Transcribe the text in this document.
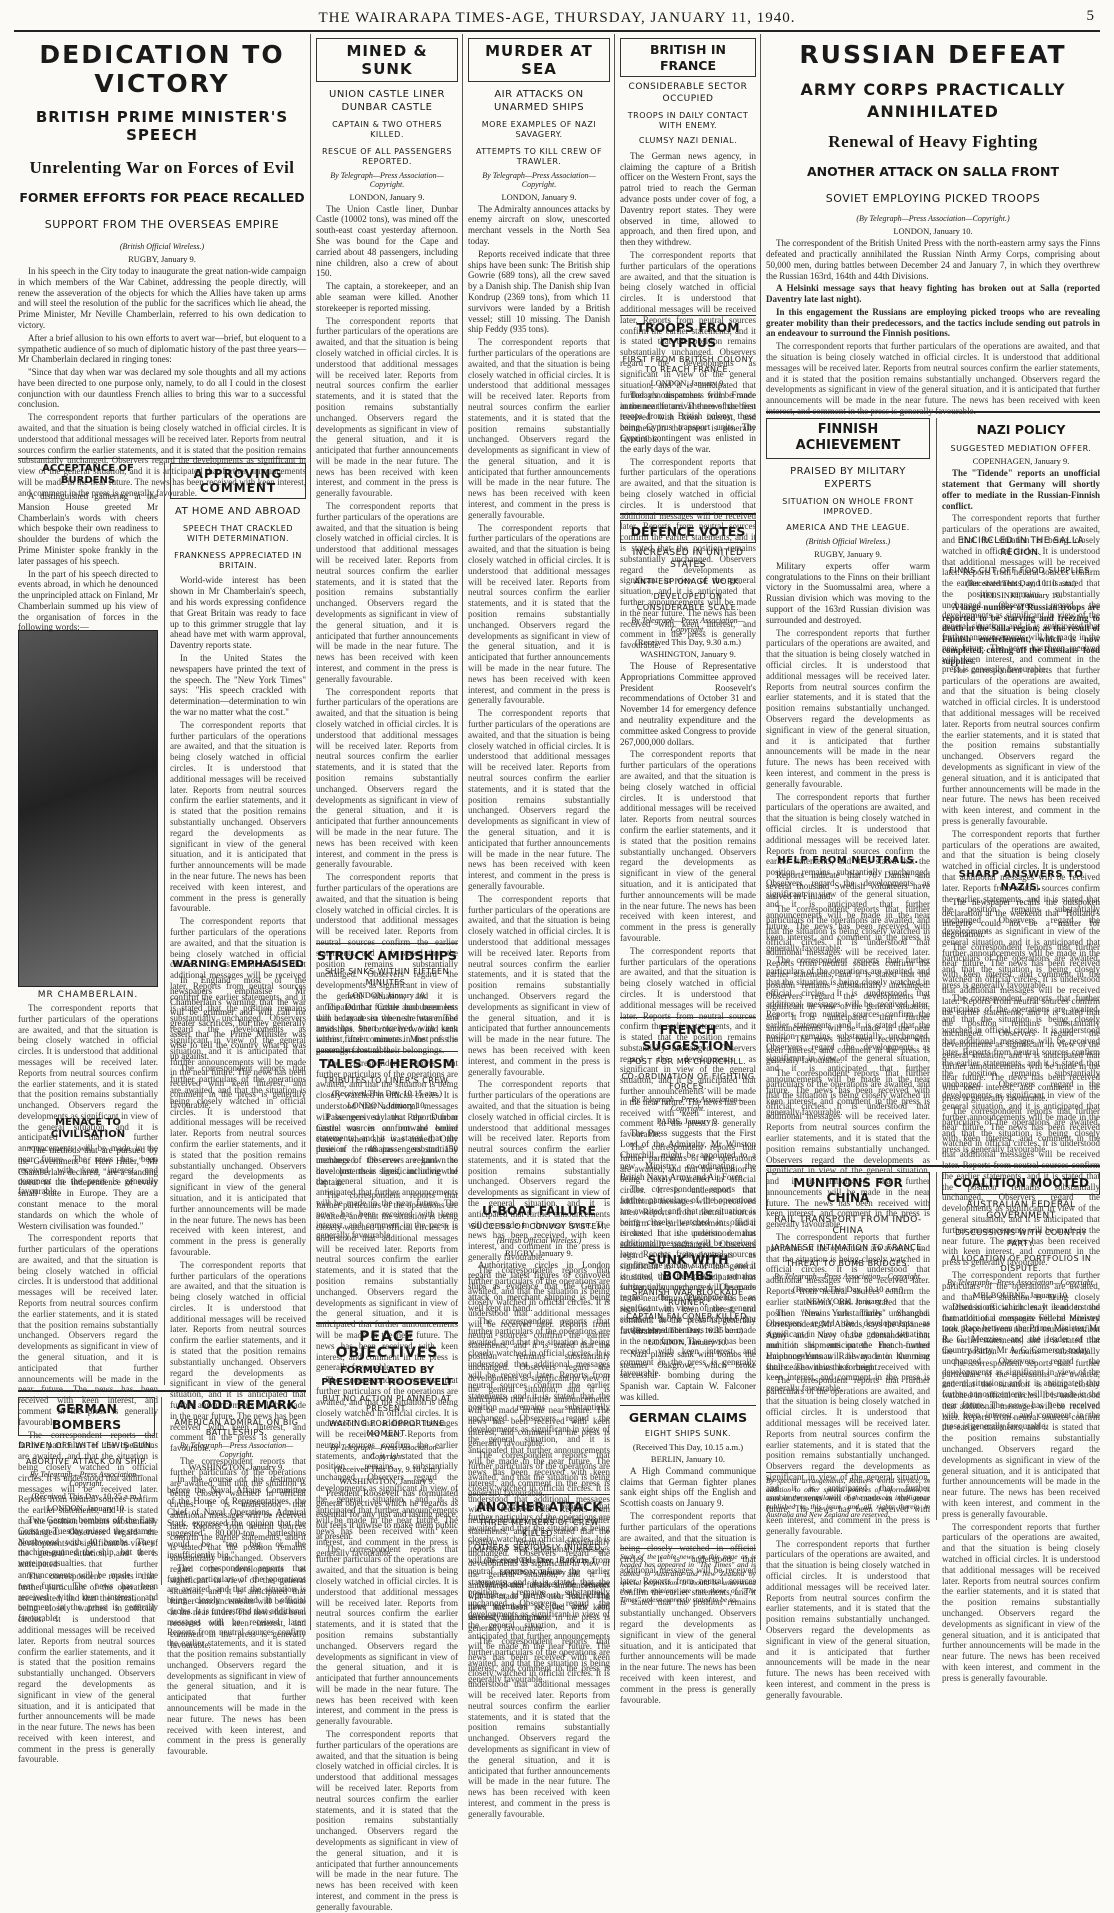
THE WAIRARAPA TIMES-AGE, THURSDAY, JANUARY 11, 1940.	5
DEDICATION TO VICTORY
BRITISH PRIME MINISTER'S SPEECH
Unrelenting War on Forces of Evil
FORMER EFFORTS FOR PEACE RECALLED
SUPPORT FROM THE OVERSEAS EMPIRE
(British Official Wireless.)
RUGBY, January 9.

In his speech in the City today to inaugurate the great nation-wide campaign in which members of the War Cabinet, addressing the people directly, will renew the asseveration of the objects for which the Allies have taken up arms and will steel the resolution of the public for the sacrifices which lie ahead, the Prime Minister, Mr Neville Chamberlain, referred to his own dedication to victory.

After a brief allusion to his own efforts to avert war—brief, but eloquent to a sympathetic audience of so much of diplomatic history of the past three years—Mr Chamberlain declared in ringing tones:

"Since that day when war was declared my sole thoughts and all my actions have been directed to one purpose only, namely, to do all I could in the closest conjunction with our dauntless French allies to bring this war to a successful conclusion.

The correspondent reports that further particulars of the operations are awaited, and that the situation is being closely watched in official circles. It is understood that additional messages will be received later. Reports from neutral sources confirm the earlier statements, and it is stated that the position remains substantially unchanged. Observers regard the developments as significant in view of the general situation, and it is anticipated that further announcements will be made in the near future. The news has been received with keen interest, and comment in the press is generally favourable.

ACCEPTANCE OF BURDENS

A distinguished gathering at the Mansion House greeted Mr Chamberlain's words with cheers which bespoke their own readiness to shoulder the burdens of which the Prime Minister spoke frankly in the later passages of his speech.

In the part of his speech directed to events abroad, in which he denounced the unprincipled attack on Finland, Mr Chamberlain summed up his view of the organisation of forces in the following words:—

MR CHAMBERLAIN.

The correspondent reports that further particulars of the operations are awaited, and that the situation is being closely watched in official circles. It is understood that additional messages will be received later. Reports from neutral sources confirm the earlier statements, and it is stated that the position remains substantially unchanged. Observers regard the developments as significant in view of the general situation, and it is anticipated that further announcements will be made in the near future. The news has been received with keen interest, and comment in the press is generally favourable.

MENACE TO CIVILISATION

"The methods that are pursued by the Government of Herr Hitler," Mr Chamberlain declared, "are a standing threat to the independence of every small State in Europe. They are a constant menace to the moral standards on which the whole of Western civilisation was founded."

The correspondent reports that further particulars of the operations are awaited, and that the situation is being closely watched in official circles. It is understood that additional messages will be received later. Reports from neutral sources confirm the earlier statements, and it is stated that the position remains substantially unchanged. Observers regard the developments as significant in view of the general situation, and it is anticipated that further announcements will be made in the near future. The news has been received with keen interest, and comment in the press is generally favourable.

The correspondent reports that further particulars of the operations are awaited, and that the situation is being closely watched in official circles. It is understood that additional messages will be received later. Reports from neutral sources confirm the earlier statements, and it is stated that the position remains substantially unchanged. Observers regard the developments as significant in view of the general situation, and it is anticipated that further announcements will be made in the near future. The news has been received with keen interest, and comment in the press is generally favourable.

APPROVING COMMENT
AT HOME AND ABROAD
SPEECH THAT CRACKLED WITH DETERMINATION.
FRANKNESS APPRECIATED IN BRITAIN.

World-wide interest has been shown in Mr Chamberlain's speech, and his words expressing confidence that Great Britain was ready to face up to this grimmer struggle that lay ahead have met with warm approval, Daventry reports state.

In the United States the newspapers have printed the text of the speech. The "New York Times" says: "His speech crackled with determination—determination to win the war no matter what the cost."

The correspondent reports that further particulars of the operations are awaited, and that the situation is being closely watched in official circles. It is understood that additional messages will be received later. Reports from neutral sources confirm the earlier statements, and it is stated that the position remains substantially unchanged. Observers regard the developments as significant in view of the general situation, and it is anticipated that further announcements will be made in the near future. The news has been received with keen interest, and comment in the press is generally favourable.

The correspondent reports that further particulars of the operations are awaited, and that the situation is being closely watched in official circles. It is understood that additional messages will be received later. Reports from neutral sources confirm the earlier statements, and it is stated that the position remains substantially unchanged. Observers regard the developments as significant in view of the general situation, and it is anticipated that further announcements will be made in the near future. The news has been received with keen interest, and comment in the press is generally favourable.

WARNING EMPHASISED

In England most of the newspapers emphasise Mr Chamberlain's warning that the war will be grimmer and will call for greater sacrifices, but they generally assert that the Prime Minister was wise to tell the country what it was up against.

The correspondent reports that further particulars of the operations are awaited, and that the situation is being closely watched in official circles. It is understood that additional messages will be received later. Reports from neutral sources confirm the earlier statements, and it is stated that the position remains substantially unchanged. Observers regard the developments as significant in view of the general situation, and it is anticipated that further announcements will be made in the near future. The news has been received with keen interest, and comment in the press is generally favourable.

The correspondent reports that further particulars of the operations are awaited, and that the situation is being closely watched in official circles. It is understood that additional messages will be received later. Reports from neutral sources confirm the earlier statements, and it is stated that the position remains substantially unchanged. Observers regard the developments as significant in view of the general situation, and it is anticipated that further announcements will be made in the near future. The news has been received with keen interest, and comment in the press is generally favourable.

The correspondent reports that further particulars of the operations are awaited, and that the situation is being closely watched in official circles. It is understood that additional messages will be received later. Reports from neutral sources confirm the earlier statements, and it is stated that the position remains substantially unchanged. Observers regard the developments as significant in view of the general situation, and it is anticipated that further announcements will be made in the near future. The news has been received with keen interest, and comment in the press is generally favourable.

GERMAN BOMBERS
DRIVEN OFF WITH LEWIS GUN.
ABORTIVE ATTACK ON SHIP.
By Telegraph—Press Association—Copyright.
(Received This Day, 10.35 a.m.)
LONDON, January 10.

Two German bombers off the East Coast on Tuesday missed the steamer Northwood with 40 bombs. They machine-gunned the ship, but there were no casualties.

The correspondent reports that further particulars of the operations are awaited, and that the situation is being closely watched in official circles. It is understood that additional messages will be received later. Reports from neutral sources confirm the earlier statements, and it is stated that the position remains substantially unchanged. Observers regard the developments as significant in view of the general situation, and it is anticipated that further announcements will be made in the near future. The news has been received with keen interest, and comment in the press is generally favourable.

AN ODD REMARK
AMERICAN ADMIRAL ON BIG BATTLESHIPS.
By Telegraph—Press Association—Copyright.
WASHINGTON, January 9.

In the course of his testimony before the Naval Affairs Committee of the House of Representatives, the Chief of Naval Operations, Admiral Stark, expressed the opinion that the suggested 80,000-ton battleships would be "too big, or the insufficiently big."

The correspondent reports that further particulars of the operations are awaited, and that the situation is being closely watched in official circles. It is understood that additional messages will be received later. Reports from neutral sources confirm the earlier statements, and it is stated that the position remains substantially unchanged. Observers regard the developments as significant in view of the general situation, and it is anticipated that further announcements will be made in the near future. The news has been received with keen interest, and comment in the press is generally favourable.

MINED & SUNK
UNION CASTLE LINER DUNBAR CASTLE
CAPTAIN & TWO OTHERS KILLED.
RESCUE OF ALL PASSENGERS REPORTED.
By Telegraph—Press Association—Copyright.
LONDON, January 9.

The Union Castle liner, Dunbar Castle (10002 tons), was mined off the south-east coast yesterday afternoon. She was bound for the Cape and carried about 48 passengers, including nine children, also a crew of about 150.

The captain, a storekeeper, and an able seaman were killed. Another storekeeper is reported missing.

The correspondent reports that further particulars of the operations are awaited, and that the situation is being closely watched in official circles. It is understood that additional messages will be received later. Reports from neutral sources confirm the earlier statements, and it is stated that the position remains substantially unchanged. Observers regard the developments as significant in view of the general situation, and it is anticipated that further announcements will be made in the near future. The news has been received with keen interest, and comment in the press is generally favourable.

The correspondent reports that further particulars of the operations are awaited, and that the situation is being closely watched in official circles. It is understood that additional messages will be received later. Reports from neutral sources confirm the earlier statements, and it is stated that the position remains substantially unchanged. Observers regard the developments as significant in view of the general situation, and it is anticipated that further announcements will be made in the near future. The news has been received with keen interest, and comment in the press is generally favourable.

The correspondent reports that further particulars of the operations are awaited, and that the situation is being closely watched in official circles. It is understood that additional messages will be received later. Reports from neutral sources confirm the earlier statements, and it is stated that the position remains substantially unchanged. Observers regard the developments as significant in view of the general situation, and it is anticipated that further announcements will be made in the near future. The news has been received with keen interest, and comment in the press is generally favourable.

The correspondent reports that further particulars of the operations are awaited, and that the situation is being closely watched in official circles. It is understood that additional messages will be received later. Reports from neutral sources confirm the earlier statements, and it is stated that the position remains substantially unchanged. Observers regard the developments as significant in view of the general situation, and it is anticipated that further announcements will be made in the near future. The news has been received with keen interest, and comment in the press is generally favourable.

The correspondent reports that further particulars of the operations are awaited, and that the situation is being closely watched in official circles. It is understood that additional messages will be received later. Reports from neutral sources confirm the earlier statements, and it is stated that the position remains substantially unchanged. Observers regard the developments as significant in view of the general situation, and it is anticipated that further announcements will be made in the near future. The news has been received with keen interest, and comment in the press is generally favourable.

STRUCK AMIDSHIPS
SHIP SINKS WITHIN FIFTEEN MINUTES.
LONDON, January 10.

The Dunbar Castle had been less than a day at sea when she was mined amidships. She broke in two and sank within fifteen minutes. Most of the passengers lost all their belongings.

TALES OF HEROISM
TRIBUTES TO LINER'S CREW.
(Received This Day, 10.15 a.m.)
LONDON, January 10.

Passengers say that the Dunbar Castle was in an outward bound convoy when she was mined. Only three of the 48 passengers and 150 members of the crew are known to have lost their lives, including the captain.

The correspondent reports that further particulars of the operations are awaited, and that the situation is being closely watched in official circles. It is understood that additional messages will be received later. Reports from neutral sources confirm the earlier statements, and it is stated that the position remains substantially unchanged. Observers regard the developments as significant in view of the general situation, and it is anticipated that further announcements will be made in the near future. The news has been received with keen interest, and comment in the press is generally favourable.

The correspondent reports that further particulars of the operations are awaited, and that the situation is being closely watched in official circles. It is understood that additional messages will be received later. Reports from neutral sources confirm the earlier statements, and it is stated that the position remains substantially unchanged. Observers regard the developments as significant in view of the general situation, and it is anticipated that further announcements will be made in the near future. The news has been received with keen interest, and comment in the press is generally favourable.

PEACE OBJECTIVES
FORMULATED BY PRESIDENT ROOSEVELT
BUT NO ACTION PLANNED AT PRESENT.
WAITING FOR OPPORTUNE MOMENT.
By Telegraph—Press Association—Copyright.
(Received This Day, 9.10 a.m.)
WASHINGTON, January 9.

President Roosevelt has formulated general objectives which he regards as essential for any just and lasting peace, but feels it unwise to make them public at present.

The correspondent reports that further particulars of the operations are awaited, and that the situation is being closely watched in official circles. It is understood that additional messages will be received later. Reports from neutral sources confirm the earlier statements, and it is stated that the position remains substantially unchanged. Observers regard the developments as significant in view of the general situation, and it is anticipated that further announcements will be made in the near future. The news has been received with keen interest, and comment in the press is generally favourable.

The correspondent reports that further particulars of the operations are awaited, and that the situation is being closely watched in official circles. It is understood that additional messages will be received later. Reports from neutral sources confirm the earlier statements, and it is stated that the position remains substantially unchanged. Observers regard the developments as significant in view of the general situation, and it is anticipated that further announcements will be made in the near future. The news has been received with keen interest, and comment in the press is generally favourable.

MURDER AT SEA
AIR ATTACKS ON UNARMED SHIPS
MORE EXAMPLES OF NAZI SAVAGERY.
ATTEMPTS TO KILL CREW OF TRAWLER.
By Telegraph—Press Association—Copyright.
LONDON, January 9.

The Admiralty announces attacks by enemy aircraft on slow, unescorted merchant vessels in the North Sea today.

Reports received indicate that three ships have been sunk: The British ship Gowrie (689 tons), all the crew saved by a Danish ship. The Danish ship Ivan Kondrup (2369 tons), from which 11 survivors were landed by a British vessel; still 10 missing. The Danish ship Feddy (935 tons).

The correspondent reports that further particulars of the operations are awaited, and that the situation is being closely watched in official circles. It is understood that additional messages will be received later. Reports from neutral sources confirm the earlier statements, and it is stated that the position remains substantially unchanged. Observers regard the developments as significant in view of the general situation, and it is anticipated that further announcements will be made in the near future. The news has been received with keen interest, and comment in the press is generally favourable.

The correspondent reports that further particulars of the operations are awaited, and that the situation is being closely watched in official circles. It is understood that additional messages will be received later. Reports from neutral sources confirm the earlier statements, and it is stated that the position remains substantially unchanged. Observers regard the developments as significant in view of the general situation, and it is anticipated that further announcements will be made in the near future. The news has been received with keen interest, and comment in the press is generally favourable.

The correspondent reports that further particulars of the operations are awaited, and that the situation is being closely watched in official circles. It is understood that additional messages will be received later. Reports from neutral sources confirm the earlier statements, and it is stated that the position remains substantially unchanged. Observers regard the developments as significant in view of the general situation, and it is anticipated that further announcements will be made in the near future. The news has been received with keen interest, and comment in the press is generally favourable.

The correspondent reports that further particulars of the operations are awaited, and that the situation is being closely watched in official circles. It is understood that additional messages will be received later. Reports from neutral sources confirm the earlier statements, and it is stated that the position remains substantially unchanged. Observers regard the developments as significant in view of the general situation, and it is anticipated that further announcements will be made in the near future. The news has been received with keen interest, and comment in the press is generally favourable.

The correspondent reports that further particulars of the operations are awaited, and that the situation is being closely watched in official circles. It is understood that additional messages will be received later. Reports from neutral sources confirm the earlier statements, and it is stated that the position remains substantially unchanged. Observers regard the developments as significant in view of the general situation, and it is anticipated that further announcements will be made in the near future. The news has been received with keen interest, and comment in the press is generally favourable.

The correspondent reports that further particulars of the operations are awaited, and that the situation is being closely watched in official circles. It is understood that additional messages will be received later. Reports from neutral sources confirm the earlier statements, and it is stated that the position remains substantially unchanged. Observers regard the developments as significant in view of the general situation, and it is anticipated that further announcements will be made in the near future. The news has been received with keen interest, and comment in the press is generally favourable.

The correspondent reports that further particulars of the operations are awaited, and that the situation is being closely watched in official circles. It is understood that additional messages will be received later. Reports from neutral sources confirm the earlier statements, and it is stated that the position remains substantially unchanged. Observers regard the developments as significant in view of the general situation, and it is anticipated that further announcements will be made in the near future. The news has been received with keen interest, and comment in the press is generally favourable.

The correspondent reports that further particulars of the operations are awaited, and that the situation is being closely watched in official circles. It is understood that additional messages will be received later. Reports from neutral sources confirm the earlier statements, and it is stated that the position remains substantially unchanged. Observers regard the developments as significant in view of the general situation, and it is anticipated that further announcements will be made in the near future. The news has been received with keen interest, and comment in the press is generally favourable.

U-BOAT FAILURE
SUCCESS OF CONVOY SYSTEM.
(British Official Wireless.)
RUGBY, January 9.

Authoritative circles in London regard the latest figures of convoyed ships as evidence that the German attack on merchant shipping is being well kept in hand.

The correspondent reports that further particulars of the operations are awaited, and that the situation is being closely watched in official circles. It is understood that additional messages will be received later. Reports from neutral sources confirm the earlier statements, and it is stated that the position remains substantially unchanged. Observers regard the developments as significant in view of the general situation, and it is anticipated that further announcements will be made in the near future. The news has been received with keen interest, and comment in the press is generally favourable.

The correspondent reports that further particulars of the operations are awaited, and that the situation is being closely watched in official circles. It is understood that additional messages will be received later. Reports from neutral sources confirm the earlier statements, and it is stated that the position remains substantially unchanged. Observers regard the developments as significant in view of the general situation, and it is anticipated that further announcements will be made in the near future. The news has been received with keen interest, and comment in the press is generally favourable.

ANOTHER ATTACK
THREE MEMBERS OF CREW KILLED.
OTHERS SERIOUSLY INJURED.
(Received This Day, 10.10 a.m.)
LONDON, January 10.

Nazi planes attacked the steamer Upminster in the North Sea, killing three members of the crew and seriously injuring two.

BRITISH IN FRANCE
CONSIDERABLE SECTOR OCCUPIED
TROOPS IN DAILY CONTACT WITH ENEMY.
CLUMSY NAZI DENIAL.

The German news agency, in claiming the capture of a British officer on the Western Front, says the patrol tried to reach the German advance posts under cover of fog, a Daventry report states. They were observed in time, allowed to approach, and then fired upon, and then they withdrew.

The correspondent reports that further particulars of the operations are awaited, and that the situation is being closely watched in official circles. It is understood that additional messages will be received later. Reports from neutral sources confirm the earlier statements, and it is stated that the position remains substantially unchanged. Observers regard the developments as significant in view of the general situation, and it is anticipated that further announcements will be made in the near future. The news has been received with keen interest, and comment in the press is generally favourable.

TROOPS FROM CYPRUS
FIRST FROM BRITISH COLONY TO REACH FRANCE.
LONDON, January 9.

Today's dispatches from France announce the arrival there of the first troops from a British colony, these being Cyprus transport units. The Cypriot contingent was enlisted in the early days of the war.

The correspondent reports that further particulars of the operations are awaited, and that the situation is being closely watched in official circles. It is understood that additional messages will be received later. Reports from neutral sources confirm the earlier statements, and it is stated that the position remains substantially unchanged. Observers regard the developments as significant in view of the general situation, and it is anticipated that further announcements will be made in the near future. The news has been received with keen interest, and comment in the press is generally favourable.

DEFENCE VOTES
INCREASED IN UNITED STATES
ANTI-ESPIONAGE WORK.
DEVELOPED ON CONSIDERABLE SCALE.
By Telegraph—Press Association—Copyright.
(Received This Day, 9.30 a.m.)
WASHINGTON, January 9.

The House of Representative Appropriations Committee approved President Roosevelt's recommendations of October 31 and November 14 for emergency defence and neutrality expenditure and the committee asked Congress to provide 267,000,000 dollars.

The correspondent reports that further particulars of the operations are awaited, and that the situation is being closely watched in official circles. It is understood that additional messages will be received later. Reports from neutral sources confirm the earlier statements, and it is stated that the position remains substantially unchanged. Observers regard the developments as significant in view of the general situation, and it is anticipated that further announcements will be made in the near future. The news has been received with keen interest, and comment in the press is generally favourable.

The correspondent reports that further particulars of the operations are awaited, and that the situation is being closely watched in official circles. It is understood that additional messages will be received later. Reports from neutral sources confirm the earlier statements, and it is stated that the position remains substantially unchanged. Observers regard the developments as significant in view of the general situation, and it is anticipated that further announcements will be made in the near future. The news has been received with keen interest, and comment in the press is generally favourable.

The correspondent reports that further particulars of the operations are awaited, and that the situation is being closely watched in official circles. It is understood that additional messages will be received later. Reports from neutral sources confirm the earlier statements, and it is stated that the position remains substantially unchanged. Observers regard the developments as significant in view of the general situation, and it is anticipated that further announcements will be made in the near future. The news has been received with keen interest, and comment in the press is generally favourable.

FRENCH SUGGESTION
POST FOR MR CHURCHILL.
CO-ORDINATION OF FIGHTING FORCES.
By Telegraph—Press Association—Copyright.
PARIS, January 9.

The Press suggests that the First Lord of the Admiralty, Mr Winston Churchill, might be appointed to a new Ministry co-ordinating the British Navy, Army and Air Force.

The correspondent reports that further particulars of the operations are awaited, and that the situation is being closely watched in official circles. It is understood that additional messages will be received later. Reports from neutral sources confirm the earlier statements, and it is stated that the position remains substantially unchanged. Observers regard the developments as significant in view of the general situation, and it is anticipated that further announcements will be made in the near future. The news has been received with keen interest, and comment in the press is generally favourable.

SUNK WITH BOMBS
SPANISH WAR BLOCKADE RUNNER.
CAPTAIN FALCONER KILLED.
(Received This Day, 10.35 a.m.)
LONDON, January 10.

Nazi planes sank with bombs the steamer Oakgrove, which broke successful bombing during the Spanish war. Captain W. Falconer was killed.

GERMAN CLAIMS
EIGHT SHIPS SUNK.
(Received This Day, 10.15 a.m.)
BERLIN, January 10.

A High Command communique claims that German fighter planes sank eight ships off the English and Scottish coasts on January 9.

The correspondent reports that further particulars of the operations are awaited, and that the situation is being closely watched in official circles. It is understood that additional messages will be received later. Reports from neutral sources confirm the earlier statements, and it is stated that the position remains substantially unchanged. Observers regard the developments as significant in view of the general situation, and it is anticipated that further announcements will be made in the near future. The news has been received with keen interest, and comment in the press is generally favourable.

Such of the cable news on this page as is headed has appeared in "The Times" and is cabled to Australia and New Zealand by special permission. It should be understood that the opinions are not those of "The Times" unless expressly stated to be so.
RUSSIAN DEFEAT
ARMY CORPS PRACTICALLY ANNIHILATED
Renewal of Heavy Fighting
ANOTHER ATTACK ON SALLA FRONT
SOVIET EMPLOYING PICKED TROOPS
(By Telegraph—Press Association—Copyright.)
LONDON, January 10.

The correspondent of the British United Press with the north-eastern army says the Finns defeated and practically annihilated the Russian Ninth Army Corps, comprising about 50,000 men, during battles between December 24 and January 7, in which they overthrew the Russian 163rd, 164th and 44th Divisions.

A Helsinki message says that heavy fighting has broken out at Salla (reported Daventry late last night).

In this engagement the Russians are employing picked troops who are revealing greater mobility than their predecessors, and the tactics include sending out patrols in an endeavour to surround the Finnish positions.

The correspondent reports that further particulars of the operations are awaited, and that the situation is being closely watched in official circles. It is understood that additional messages will be received later. Reports from neutral sources confirm the earlier statements, and it is stated that the position remains substantially unchanged. Observers regard the developments as significant in view of the general situation, and it is anticipated that further announcements will be made in the near future. The news has been received with keen interest, and comment in the press is generally favourable.

FINNISH ACHIEVEMENT
PRAISED BY MILITARY EXPERTS
SITUATION ON WHOLE FRONT IMPROVED.
AMERICA AND THE LEAGUE.
(British Official Wireless.)
RUGBY, January 9.

Military experts offer warm congratulations to the Finns on their brilliant victory in the Suomussalmi area, where a Russian division which was moving to the support of the 163rd Russian division was surrounded and destroyed.

The correspondent reports that further particulars of the operations are awaited, and that the situation is being closely watched in official circles. It is understood that additional messages will be received later. Reports from neutral sources confirm the earlier statements, and it is stated that the position remains substantially unchanged. Observers regard the developments as significant in view of the general situation, and it is anticipated that further announcements will be made in the near future. The news has been received with keen interest, and comment in the press is generally favourable.

The correspondent reports that further particulars of the operations are awaited, and that the situation is being closely watched in official circles. It is understood that additional messages will be received later. Reports from neutral sources confirm the earlier statements, and it is stated that the position remains substantially unchanged. Observers regard the developments as significant in view of the general situation, and it is anticipated that further announcements will be made in the near future. The news has been received with keen interest, and comment in the press is generally favourable.

The correspondent reports that further particulars of the operations are awaited, and that the situation is being closely watched in official circles. It is understood that additional messages will be received later. Reports from neutral sources confirm the earlier statements, and it is stated that the position remains substantially unchanged. Observers regard the developments as significant in view of the general situation, and it is anticipated that further announcements will be made in the near future. The news has been received with keen interest, and comment in the press is generally favourable.

HELP FROM NEUTRALS.

Reports indicate that 70 Danish and several thousand Swedish volunteers have arrived in Finland.

The correspondent reports that further particulars of the operations are awaited, and that the situation is being closely watched in official circles. It is understood that additional messages will be received later. Reports from neutral sources confirm the earlier statements, and it is stated that the position remains substantially unchanged. Observers regard the developments as significant in view of the general situation, and it is anticipated that further announcements will be made in the near future. The news has been received with keen interest, and comment in the press is generally favourable.

The correspondent reports that further particulars of the operations are awaited, and that the situation is being closely watched in official circles. It is understood that additional messages will be received later. Reports from neutral sources confirm the earlier statements, and it is stated that the position remains substantially unchanged. Observers regard the developments as significant in view of the general situation, and it is anticipated that further announcements will be made in the near future. The news has been received with keen interest, and comment in the press is generally favourable.

The correspondent reports that further particulars of the operations are awaited, and that the situation is being closely watched in official circles. It is understood that additional messages will be received later. Reports from neutral sources confirm the earlier statements, and it is stated that the position remains substantially unchanged. Observers regard the developments as significant in view of the general situation, and it is anticipated that further announcements will be made in the near future. The news has been received with keen interest, and comment in the press is generally favourable.

NAZI POLICY
SUGGESTED MEDIATION OFFER.
COPENHAGEN, January 9.

The "Tidende" reports an unofficial statement that Germany will shortly offer to mediate in the Russian-Finnish conflict.

The correspondent reports that further particulars of the operations are awaited, and that the situation is being closely watched in official circles. It is understood that additional messages will be received later. Reports from neutral sources confirm the earlier statements, and it is stated that the position remains substantially unchanged. Observers regard the developments as significant in view of the general situation, and it is anticipated that further announcements will be made in the near future. The news has been received with keen interest, and comment in the press is generally favourable.

ENCIRCLED IN THE SALLA REGION.
FINNS CUT OFF FOOD SUPPLIES.
(Received This Day, 10.10 a.m.)
HELSINKI, January 10.

A large number of Russian troops are reported to be starving and freezing to death in the Salla region, as the result of Finnish encirclement, which is now completed, cutting off the Russians' food supplies.

The correspondent reports that further particulars of the operations are awaited, and that the situation is being closely watched in official circles. It is understood that additional messages will be received later. Reports from neutral sources confirm the earlier statements, and it is stated that the position remains substantially unchanged. Observers regard the developments as significant in view of the general situation, and it is anticipated that further announcements will be made in the near future. The news has been received with keen interest, and comment in the press is generally favourable.

The correspondent reports that further particulars of the operations are awaited, and that the situation is being closely watched in official circles. It is understood that additional messages will be received later. Reports from neutral sources confirm the earlier statements, and it is stated that the position remains substantially unchanged. Observers regard the developments as significant in view of the general situation, and it is anticipated that further announcements will be made in the near future. The news has been received with keen interest, and comment in the press is generally favourable.

The correspondent reports that further particulars of the operations are awaited, and that the situation is being closely watched in official circles. It is understood that additional messages will be received later. Reports from neutral sources confirm the earlier statements, and it is stated that the position remains substantially unchanged. Observers regard the developments as significant in view of the general situation, and it is anticipated that further announcements will be made in the near future. The news has been received with keen interest, and comment in the press is generally favourable.

SHARP ANSWERS TO NAZIS.

The newspaper recalls the outspoken declaration at the weekend that "Holland's integrity could not be a matter for negotiation."

The correspondent reports that further particulars of the operations are awaited, and that the situation is being closely watched in official circles. It is understood that additional messages will be received later. Reports from neutral sources confirm the earlier statements, and it is stated that the position remains substantially unchanged. Observers regard the developments as significant in view of the general situation, and it is anticipated that further announcements will be made in the near future. The news has been received with keen interest, and comment in the press is generally favourable.

The correspondent reports that further particulars of the operations are awaited, and that the situation is being closely watched in official circles. It is understood that additional messages will be received later. Reports from neutral sources confirm the earlier statements, and it is stated that the position remains substantially unchanged. Observers regard the developments as significant in view of the general situation, and it is anticipated that further announcements will be made in the near future. The news has been received with keen interest, and comment in the press is generally favourable.

The correspondent reports that further particulars of the operations are awaited, and that the situation is being closely watched in official circles. It is understood that additional messages will be received later. Reports from neutral sources confirm the earlier statements, and it is stated that the position remains substantially unchanged. Observers regard the developments as significant in view of the general situation, and it is anticipated that further announcements will be made in the near future. The news has been received with keen interest, and comment in the press is generally favourable.

MUNITIONS FOR CHINA
RAIL TRANSPORT FROM INDO-CHINA
JAPANESE INTIMATION TO FRANCE.
THREAT TO BOMB BRIDGES.
By Telegraph—Press Association—Copyright.
(Received This Day, 10.10 a.m.)
NEW YORK, January 9.

The "New York Times" Shanghai correspondent, Mr Abends, says the Japanese Army and Navy have demanded that munition shipments on the French-owned Haiphong-Yunnan Railway into Kunming shall cease within the fortnight.

The correspondent reports that further particulars of the operations are awaited, and that the situation is being closely watched in official circles. It is understood that additional messages will be received later. Reports from neutral sources confirm the earlier statements, and it is stated that the position remains substantially unchanged. Observers regard the developments as significant in view of the general situation, and it is anticipated that further announcements will be made in the near future. The news has been received with keen interest, and comment in the press is generally favourable.

The correspondent reports that further particulars of the operations are awaited, and that the situation is being closely watched in official circles. It is understood that additional messages will be received later. Reports from neutral sources confirm the earlier statements, and it is stated that the position remains substantially unchanged. Observers regard the developments as significant in view of the general situation, and it is anticipated that further announcements will be made in the near future. The news has been received with keen interest, and comment in the press is generally favourable.

By special arrangements, Reuter's world service, in addition to other special sources of information, is used in the compilation of the overseas intelligence published in this issue, and all rights therein in Australia and New Zealand are reserved.
COALITION MOOTED
AUSTRALIAN FEDERAL GOVERNMENT
DISCUSSIONS WITH COUNTRY PARTY.
ALLOCATION OF PORTFOLIOS IN DISPUTE.
By Telegraph—Press Association—Copyright.
MELBOURNE, January 10.

Discussions which may lead to the formation of a composite Federal Ministry took place between the Prime Minister, Mr R. G. Menzies, and the leader of the Country Party, Mr A. G. Cameron, today.

The correspondent reports that further particulars of the operations are awaited, and that the situation is being closely watched in official circles. It is understood that additional messages will be received later. Reports from neutral sources confirm the earlier statements, and it is stated that the position remains substantially unchanged. Observers regard the developments as significant in view of the general situation, and it is anticipated that further announcements will be made in the near future. The news has been received with keen interest, and comment in the press is generally favourable.

The correspondent reports that further particulars of the operations are awaited, and that the situation is being closely watched in official circles. It is understood that additional messages will be received later. Reports from neutral sources confirm the earlier statements, and it is stated that the position remains substantially unchanged. Observers regard the developments as significant in view of the general situation, and it is anticipated that further announcements will be made in the near future. The news has been received with keen interest, and comment in the press is generally favourable.
